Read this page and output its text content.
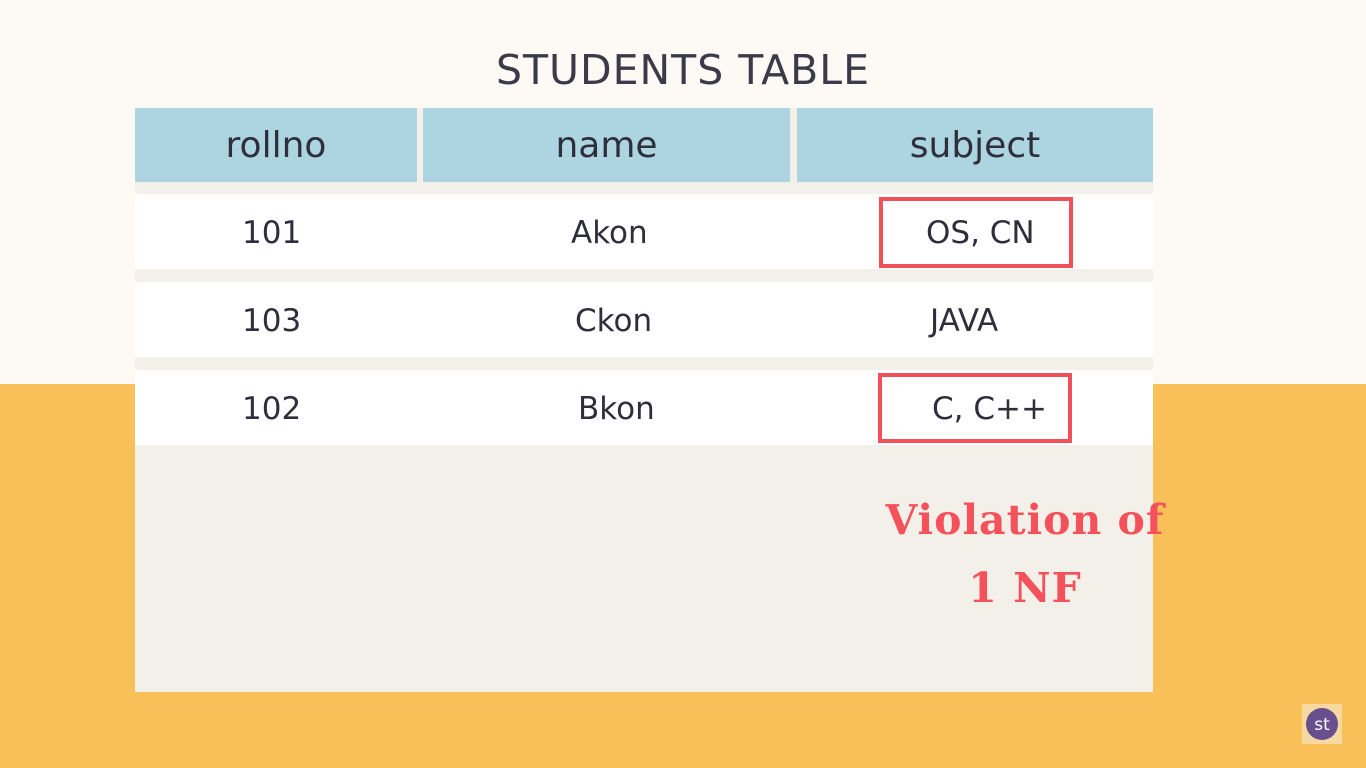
STUDENTS TABLE
rollno	name	subject
101	Akon	OS, CN
103	Ckon	JAVA
102	Bkon	C, C++
Violation of
1 NF
st
